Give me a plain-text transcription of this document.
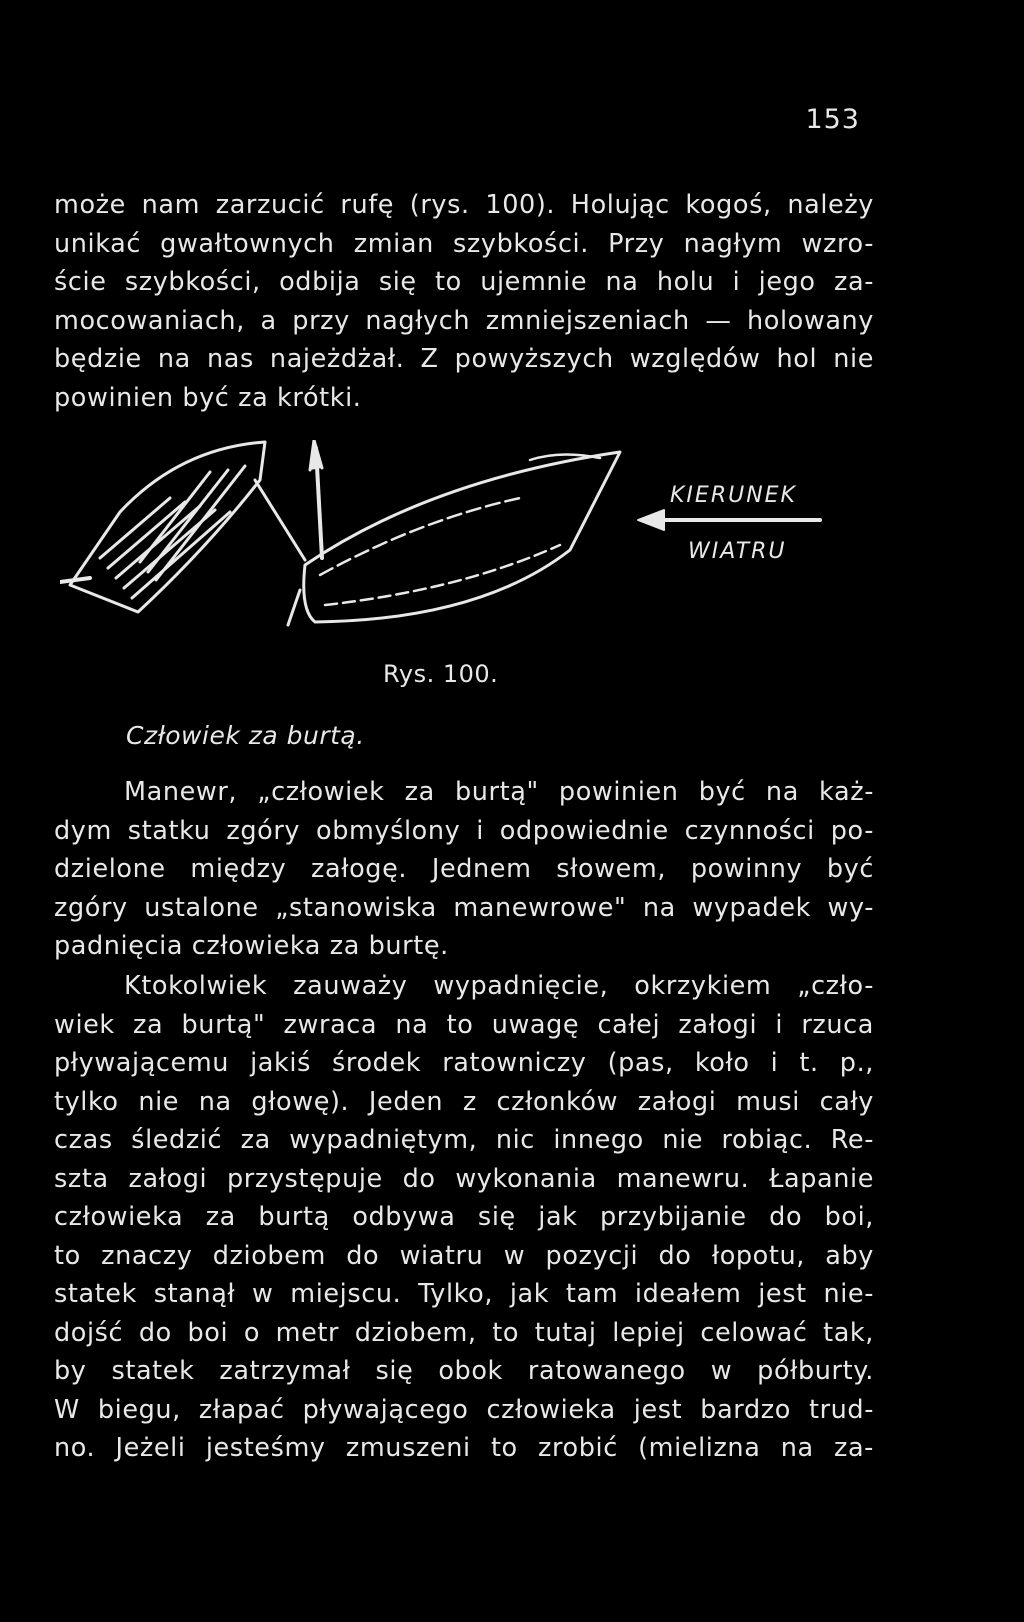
153

może nam zarzucić rufę (rys. 100). Holując kogoś, należy
unikać gwałtownych zmian szybkości. Przy nagłym wzro-
ście szybkości, odbija się to ujemnie na holu i jego za-
mocowaniach, a przy nagłych zmniejszeniach — holowany
będzie na nas najeżdżał. Z powyższych względów hol nie
powinien być za krótki.

KIERUNEK
WIATRU
Rys. 100.
Człowiek za burtą.

Manewr, „człowiek za burtą" powinien być na każ-
dym statku zgóry obmyślony i odpowiednie czynności po-
dzielone między załogę. Jednem słowem, powinny być
zgóry ustalone „stanowiska manewrowe" na wypadek wy-
padnięcia człowieka za burtę.

Ktokolwiek zauważy wypadnięcie, okrzykiem „czło-
wiek za burtą" zwraca na to uwagę całej załogi i rzuca
pływającemu jakiś środek ratowniczy (pas, koło i t. p.,
tylko nie na głowę). Jeden z członków załogi musi cały
czas śledzić za wypadniętym, nic innego nie robiąc. Re-
szta załogi przystępuje do wykonania manewru. Łapanie
człowieka za burtą odbywa się jak przybijanie do boi,
to znaczy dziobem do wiatru w pozycji do łopotu, aby
statek stanął w miejscu. Tylko, jak tam ideałem jest nie-
dojść do boi o metr dziobem, to tutaj lepiej celować tak,
by statek zatrzymał się obok ratowanego w półburty.
W biegu, złapać pływającego człowieka jest bardzo trud-
no. Jeżeli jesteśmy zmuszeni to zrobić (mielizna na za-
